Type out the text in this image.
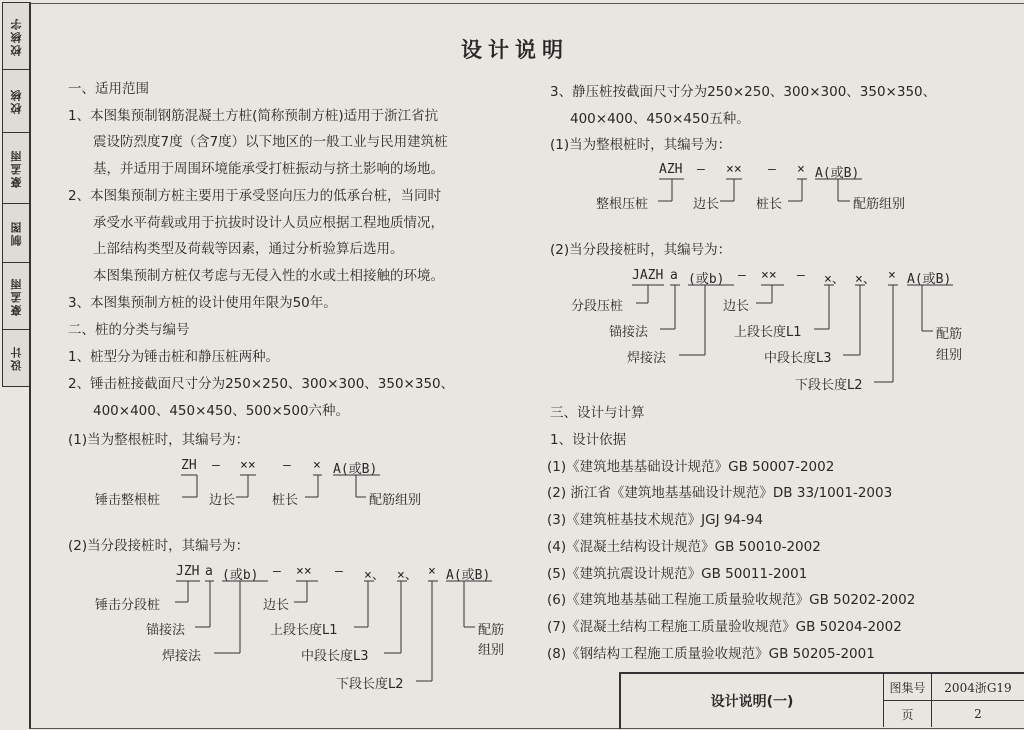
校核字
校核
豪孟雨
制图
豪孟雨
设计
设计说明
一、适用范围
1、本图集预制钢筋混凝土方桩(简称预制方桩)适用于浙江省抗
震设防烈度7度（含7度）以下地区的一般工业与民用建筑桩
基，并适用于周围环境能承受打桩振动与挤土影响的场地。
2、本图集预制方桩主要用于承受竖向压力的低承台桩，当同时
承受水平荷载或用于抗拔时设计人员应根据工程地质情况，
上部结构类型及荷载等因素，通过分析验算后选用。
本图集预制方桩仅考虑与无侵入性的水或土相接触的环境。
3、本图集预制方桩的设计使用年限为50年。
二、桩的分类与编号
1、桩型分为锤击桩和静压桩两种。
2、锤击桩接截面尺寸分为250×250、300×300、350×350、
400×400、450×450、500×500六种。
(1)当为整根桩时，其编号为：
ZH — ×× — × A(或B)
锤击整根桩	边长	桩长	配筋组别
(2)当分段接桩时，其编号为：
JZH a (或b) — ×× — ×、 ×、 × A(或B)
锤击分段桩
锚接法
焊接法
边长
上段长度L1
中段长度L3
下段长度L2
配筋
组别
3、静压桩按截面尺寸分为250×250、300×300、350×350、
400×400、450×450五种。
(1)当为整根桩时，其编号为：
AZH — ×× — × A(或B)
整根压桩	边长	桩长	配筋组别
(2)当分段接桩时，其编号为：
JAZH a (或b) — ×× — ×、 ×、 × A(或B)
分段压桩
锚接法
焊接法
边长
上段长度L1
中段长度L3
下段长度L2
配筋
组别
三、设计与计算
1、设计依据
(1)《建筑地基基础设计规范》GB 50007-2002
(2) 浙江省《建筑地基基础设计规范》DB 33/1001-2003
(3)《建筑桩基技术规范》JGJ 94-94
(4)《混凝土结构设计规范》GB 50010-2002
(5)《建筑抗震设计规范》GB 50011-2001
(6)《建筑地基基础工程施工质量验收规范》GB 50202-2002
(7)《混凝土结构工程施工质量验收规范》GB 50204-2002
(8)《钢结构工程施工质量验收规范》GB 50205-2001
设计说明(一)
图集号	2004浙G19
页	2
